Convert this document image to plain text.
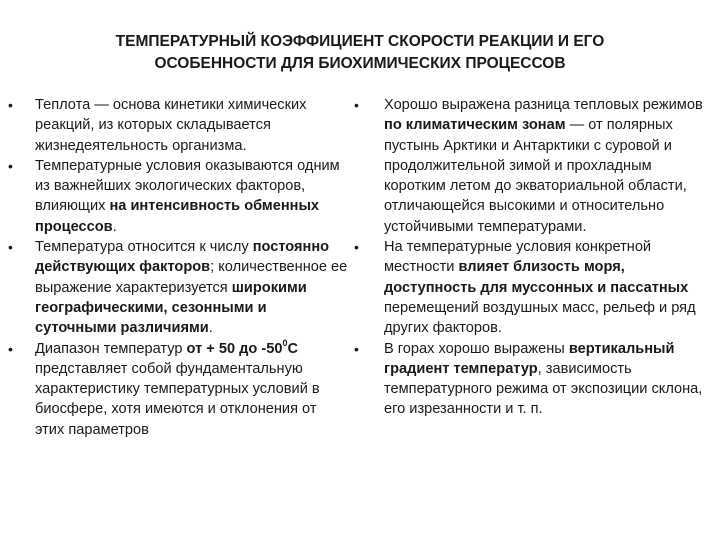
ТЕМПЕРАТУРНЫЙ КОЭФФИЦИЕНТ СКОРОСТИ РЕАКЦИИ И ЕГО
ОСОБЕННОСТИ ДЛЯ БИОХИМИЧЕСКИХ ПРОЦЕССОВ
• Теплота — основа кинетики химических реакций, из которых складывается жизнедеятельность организма.
• Температурные условия оказываются одним из важнейших экологических факторов, влияющих на интенсивность обменных процессов.
• Температура относится к числу постоянно действующих факторов; количественное ее выражение характеризуется широкими географическими, сезонными и суточными различиями.
• Диапазон температур от + 50 до $-50^0С$ представляет собой фундаментальную характеристику температурных условий в биосфере, хотя имеются и отклонения от этих параметров
• Хорошо выражена разница тепловых режимов по климатическим зонам — от полярных пустынь Арктики и Антарктики с суровой и продолжительной зимой и прохладным коротким летом до экваториальной области, отличающейся высокими и относительно устойчивыми температурами.
• На температурные условия конкретной местности влияет близость моря, доступность для муссонных и пассатных перемещений воздушных масс, рельеф и ряд других факторов.
• В горах хорошо выражены вертикальный градиент температур, зависимость температурного режима от экспозиции склона, его изрезанности и т. п.
